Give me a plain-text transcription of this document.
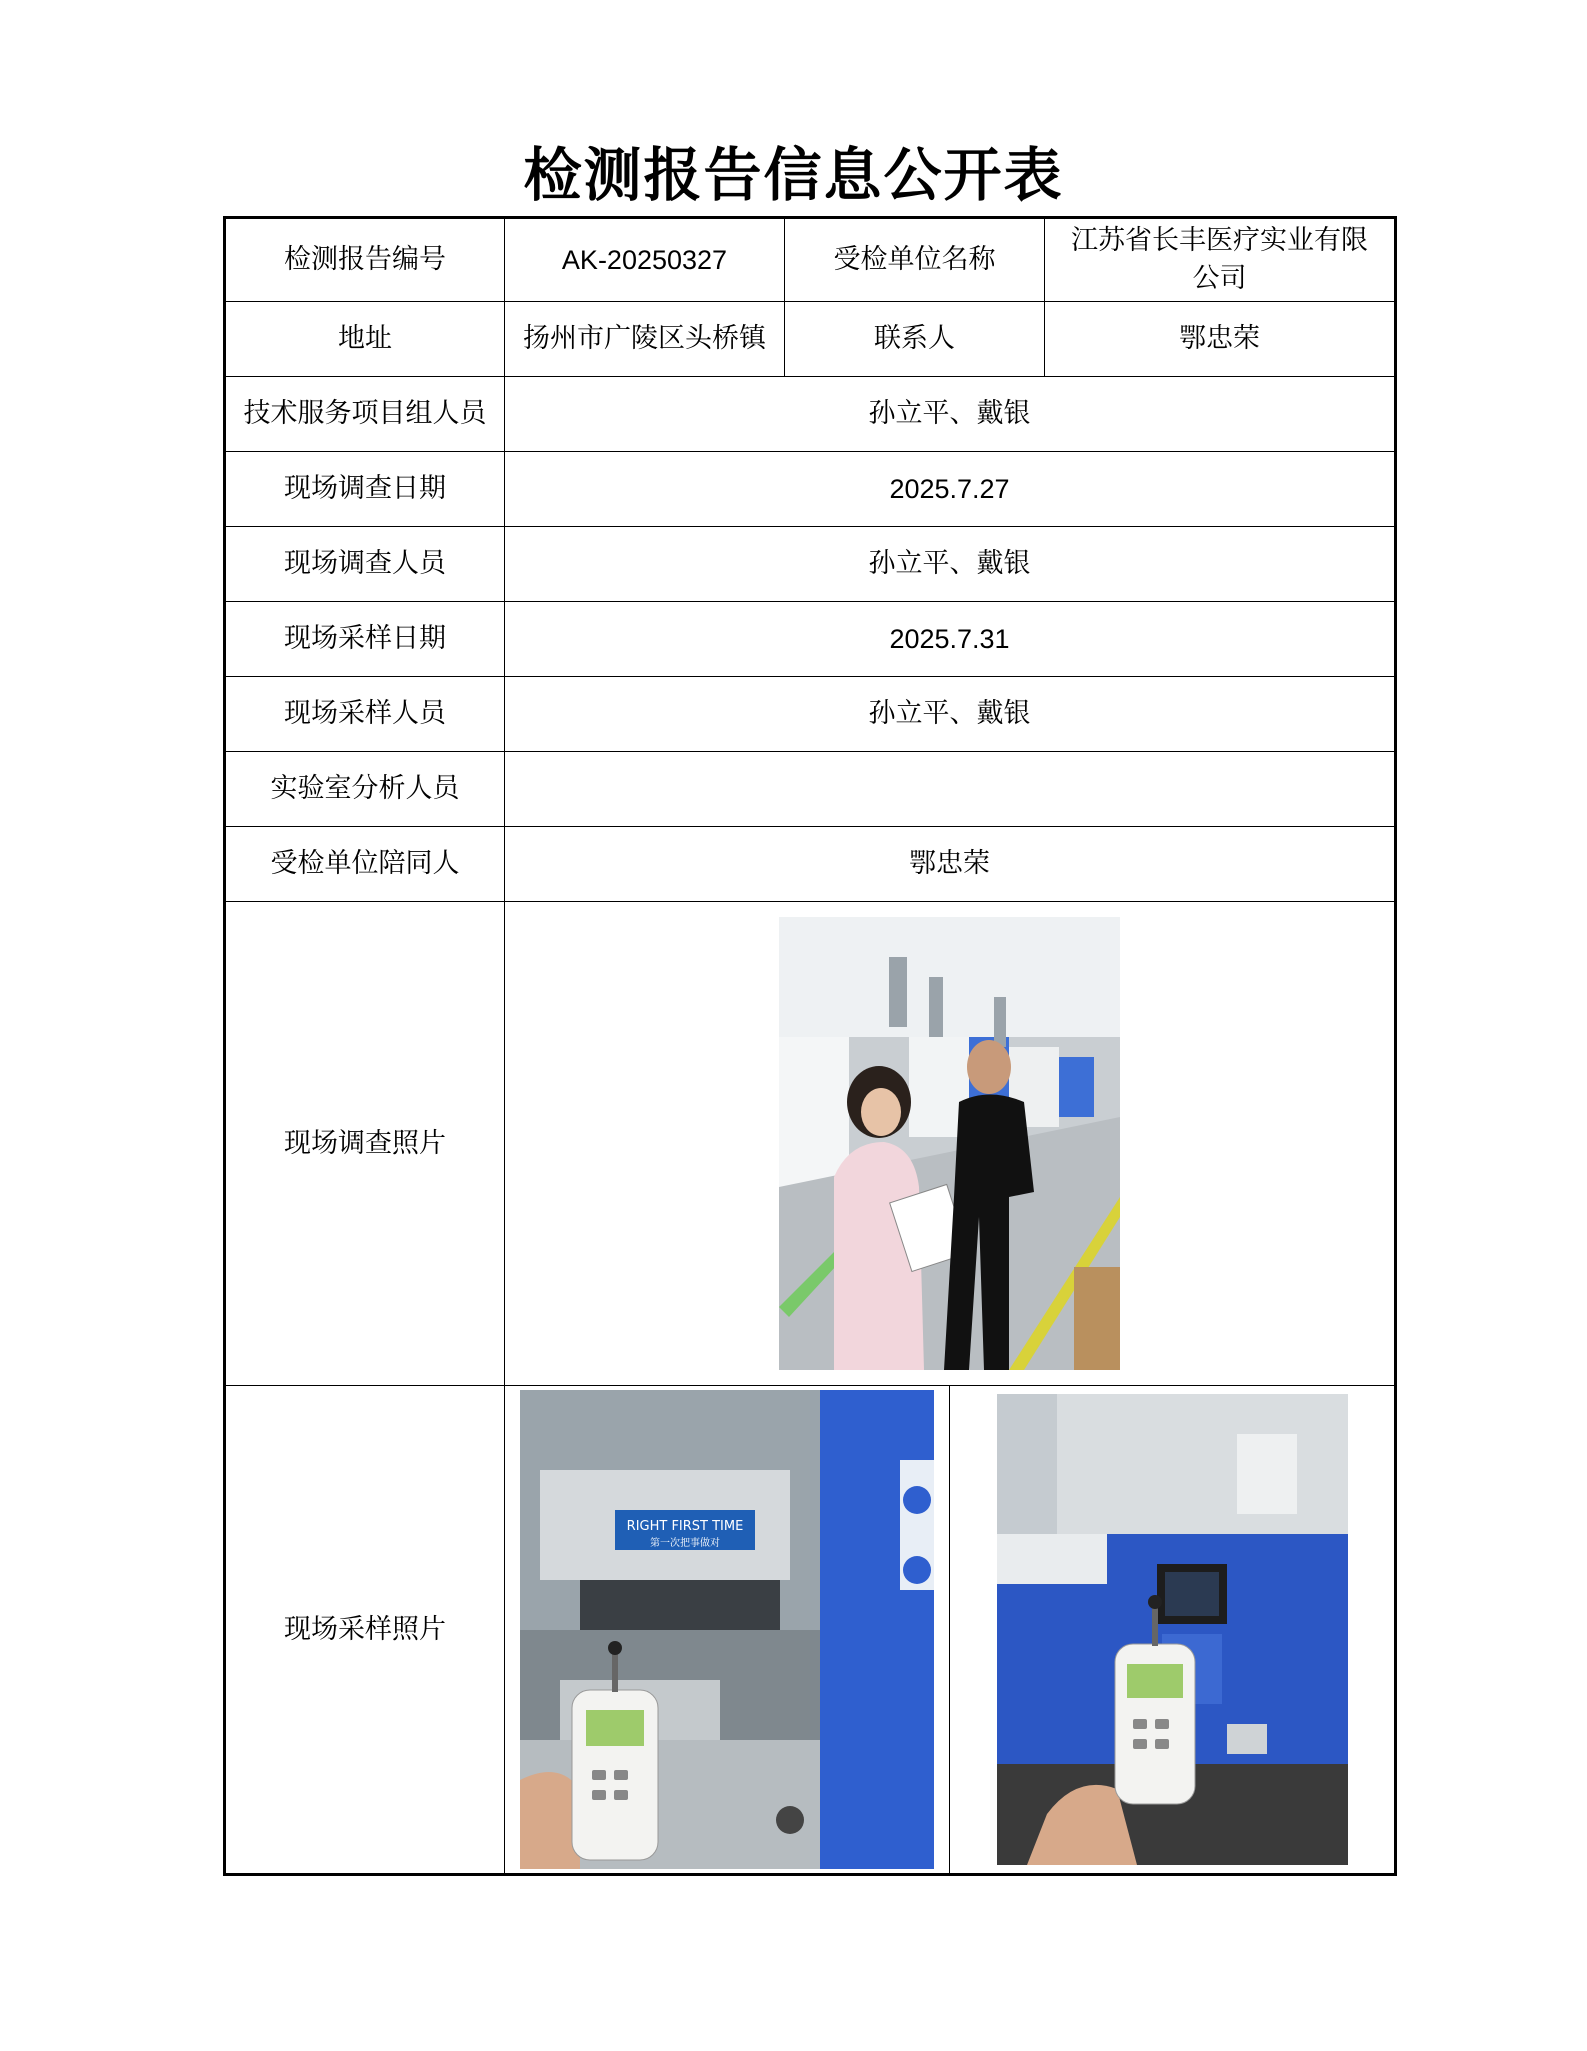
检测报告信息公开表
检测报告编号	AK-20250327	受检单位名称	江苏省长丰医疗实业有限公司
地址	扬州市广陵区头桥镇	联系人	鄂忠荣
技术服务项目组人员	孙立平、戴银		
现场调查日期	2025.7.27		
现场调查人员	孙立平、戴银		
现场采样日期	2025.7.31		
现场采样人员	孙立平、戴银		
实验室分析人员			
受检单位陪同人	鄂忠荣		
现场调查照片	

现场采样照片	RIGHT FIRST TIME
第一次把事做对		
